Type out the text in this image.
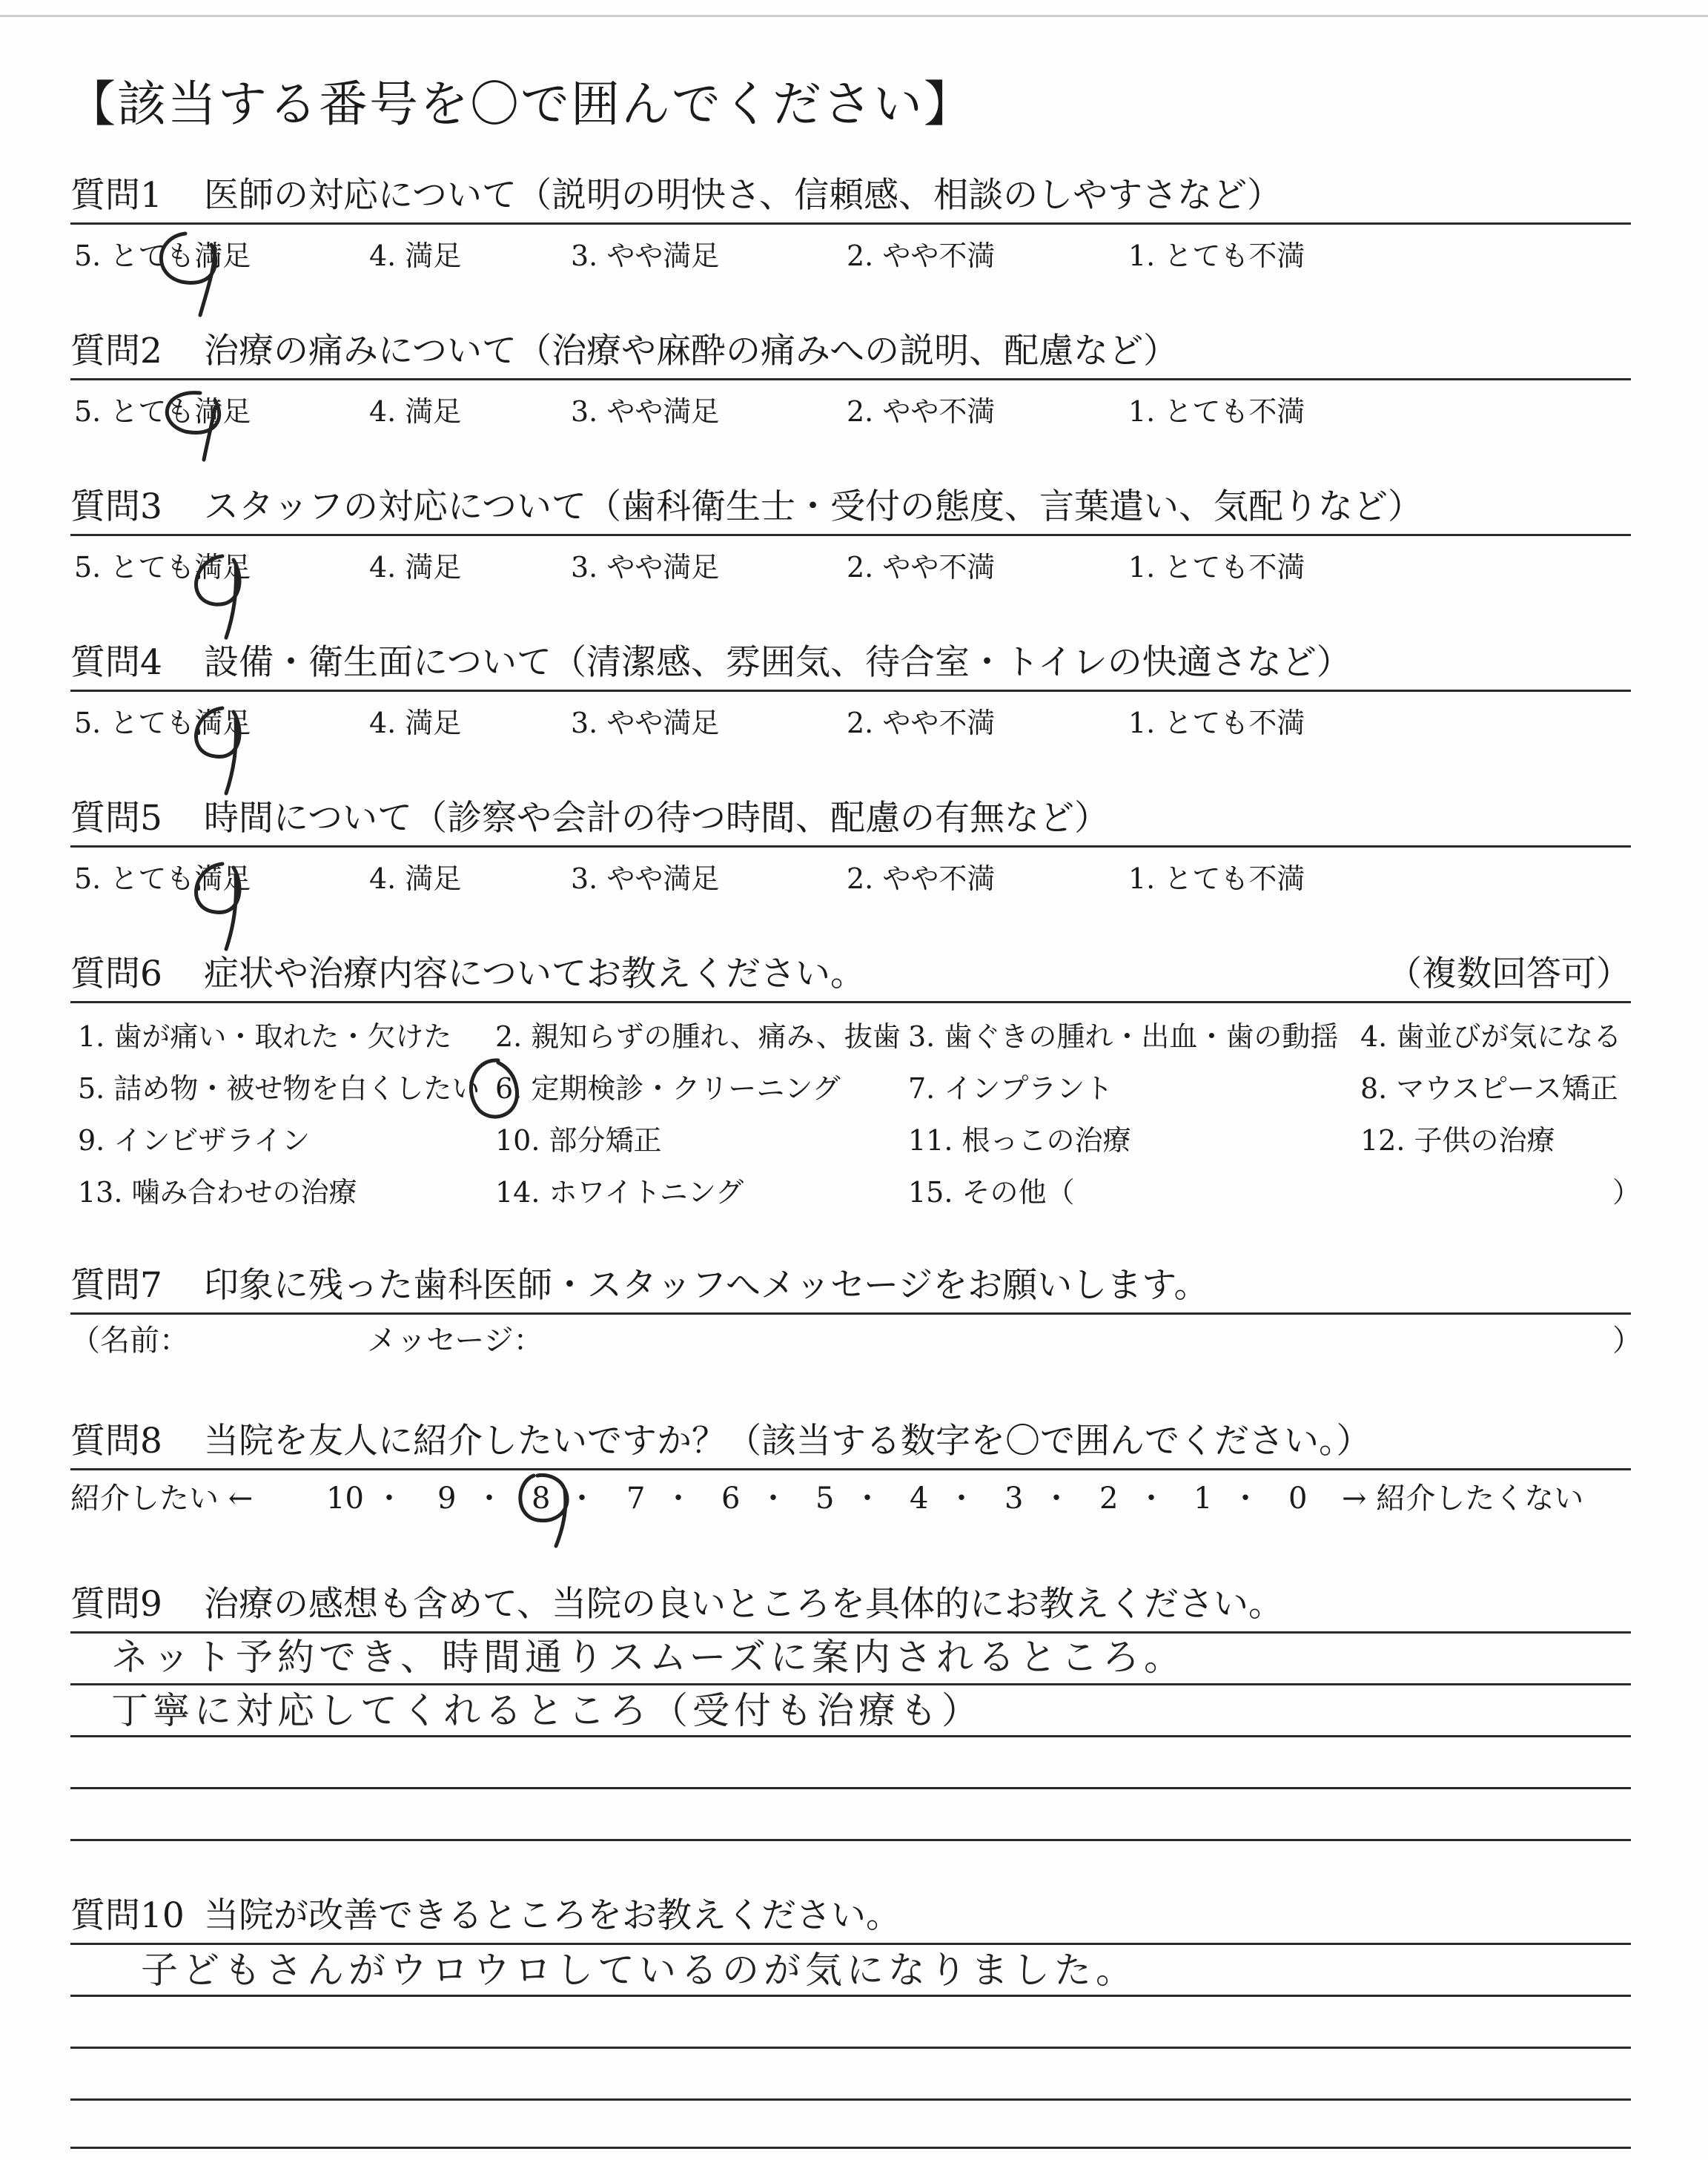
【該当する番号を〇で囲んでください】
質問1 医師の対応について（説明の明快さ、信頼感、相談のしやすさなど）
5. とても満足	4. 満足	3. やや満足	2. やや不満	1. とても不満
質問2 治療の痛みについて（治療や麻酔の痛みへの説明、配慮など）
5. とても満足	4. 満足	3. やや満足	2. やや不満	1. とても不満
質問3 スタッフの対応について（歯科衛生士・受付の態度、言葉遣い、気配りなど）
5. とても満足	4. 満足	3. やや満足	2. やや不満	1. とても不満
質問4 設備・衛生面について（清潔感、雰囲気、待合室・トイレの快適さなど）
5. とても満足	4. 満足	3. やや満足	2. やや不満	1. とても不満
質問5 時間について（診察や会計の待つ時間、配慮の有無など）
5. とても満足	4. 満足	3. やや満足	2. やや不満	1. とても不満
質問6 症状や治療内容についてお教えください。	（複数回答可）
1. 歯が痛い・取れた・欠けた 2. 親知らずの腫れ、痛み、抜歯 3. 歯ぐきの腫れ・出血・歯の動揺 4. 歯並びが気になる
5. 詰め物・被せ物を白くしたい 6. 定期検診・クリーニング 7. インプラント	8. マウスピース矯正
9. インビザライン	10. 部分矯正	11. 根っこの治療	12. 子供の治療
13. 噛み合わせの治療	14. ホワイトニング	15. その他（	）
質問7 印象に残った歯科医師・スタッフへメッセージをお願いします。
（名前：	メッセージ：	）
質問8 当院を友人に紹介したいですか？（該当する数字を〇で囲んでください。）
紹介したい ← 10 ・ 9 ・ 8 ・ 7 ・ 6 ・ 5 ・ 4 ・ 3 ・ 2 ・ 1 ・ 0 → 紹介したくない
質問9 治療の感想も含めて、当院の良いところを具体的にお教えください。
ネット予約でき、時間通りスムーズに案内されるところ。
丁寧に対応してくれるところ（受付も治療も）
質問10 当院が改善できるところをお教えください。
子どもさんがウロウロしているのが気になりました。
